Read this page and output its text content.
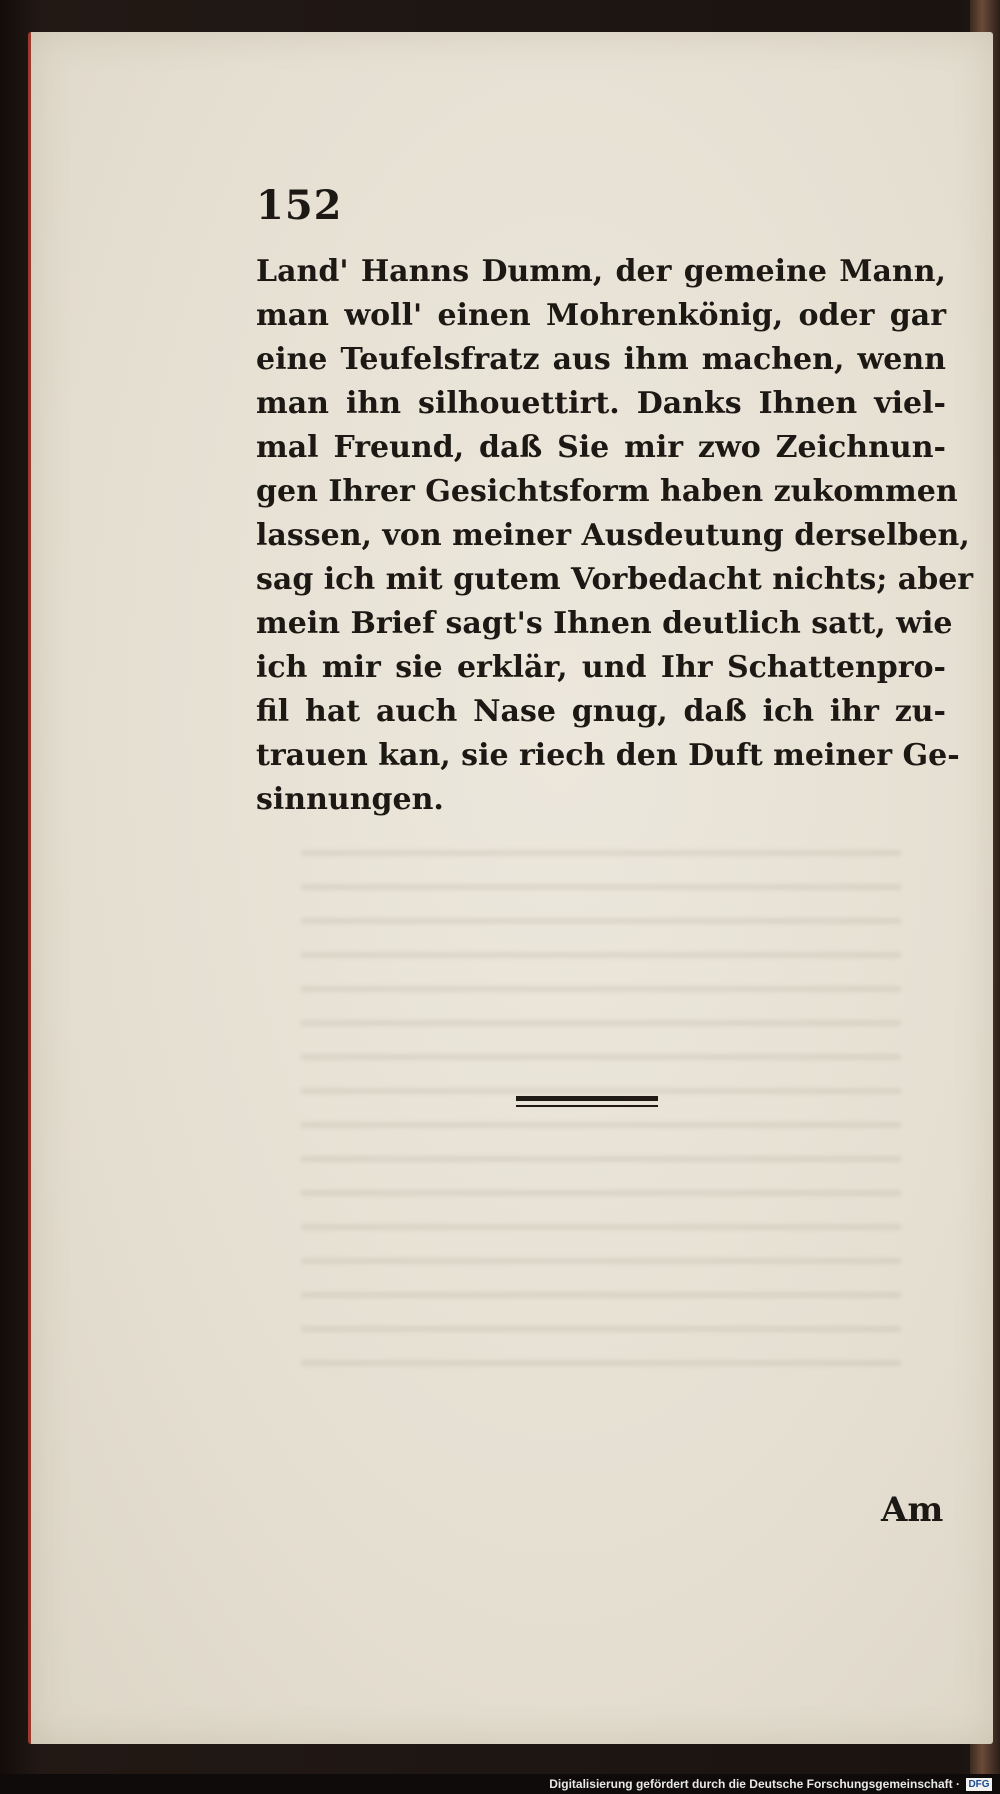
152
Land' Hanns Dumm, der gemeine Mann,
man woll' einen Mohrenkönig, oder gar
eine Teufelsfratz aus ihm machen, wenn
man ihn silhouettirt. Danks Ihnen viel-
mal Freund, daß Sie mir zwo Zeichnun-
gen Ihrer Gesichtsform haben zukommen
lassen, von meiner Ausdeutung derselben,
sag ich mit gutem Vorbedacht nichts; aber
mein Brief sagt's Ihnen deutlich satt, wie
ich mir sie erklär, und Ihr Schattenpro-
fil hat auch Nase gnug, daß ich ihr zu-
trauen kan, sie riech den Duft meiner Ge-
sinnungen.
Am
Digitalisierung gefördert durch die Deutsche Forschungsgemeinschaft · DFG
